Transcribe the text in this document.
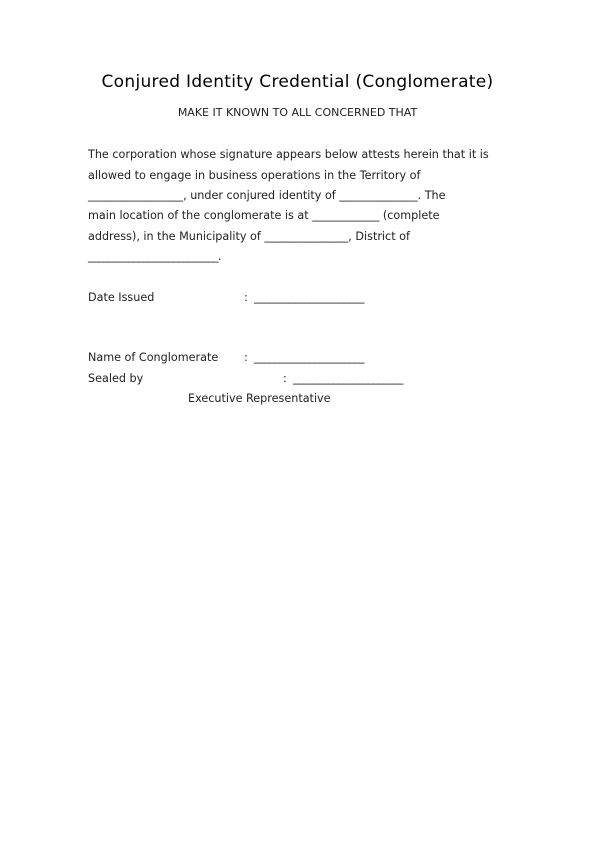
Conjured Identity Credential (Conglomerate)
MAKE IT KNOWN TO ALL CONCERNED THAT
The corporation whose signature appears below attests herein that it is
allowed to engage in business operations in the Territory of
_________________, under conjured identity of ______________. The
main location of the conglomerate is at ____________ (complete
address), in the Municipality of _______________, District of
__________________________.
Date Issued	: ______________________
Name of Conglomerate : ______________________
Sealed by	: ______________________
Executive Representative
